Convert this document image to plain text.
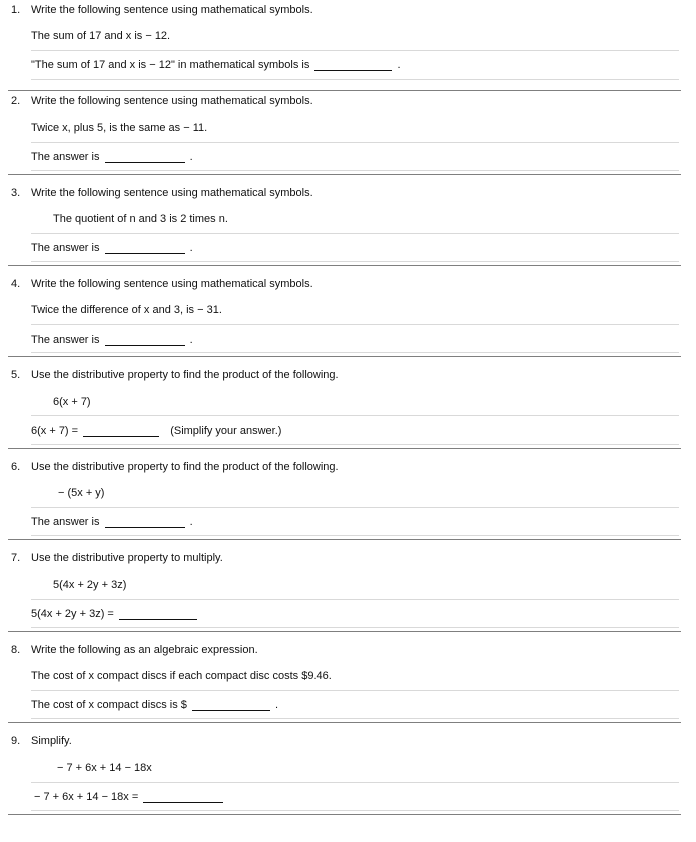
1. Write the following sentence using mathematical symbols.
The sum of 17 and x is − 12.
"The sum of 17 and x is − 12" in mathematical symbols is	.
2. Write the following sentence using mathematical symbols.
Twice x, plus 5, is the same as − 11.
The answer is	.
3. Write the following sentence using mathematical symbols.
The quotient of n and 3 is 2 times n.
The answer is	.
4. Write the following sentence using mathematical symbols.
Twice the difference of x and 3, is − 31.
The answer is	.
5. Use the distributive property to find the product of the following.
6(x + 7)
6(x + 7) =	(Simplify your answer.)
6. Use the distributive property to find the product of the following.
− (5x + y)
The answer is	.
7. Use the distributive property to multiply.
5(4x + 2y + 3z)
5(4x + 2y + 3z) =
8. Write the following as an algebraic expression.
The cost of x compact discs if each compact disc costs $9.46.
The cost of x compact discs is $	.
9. Simplify.
− 7 + 6x + 14 − 18x
− 7 + 6x + 14 − 18x =
